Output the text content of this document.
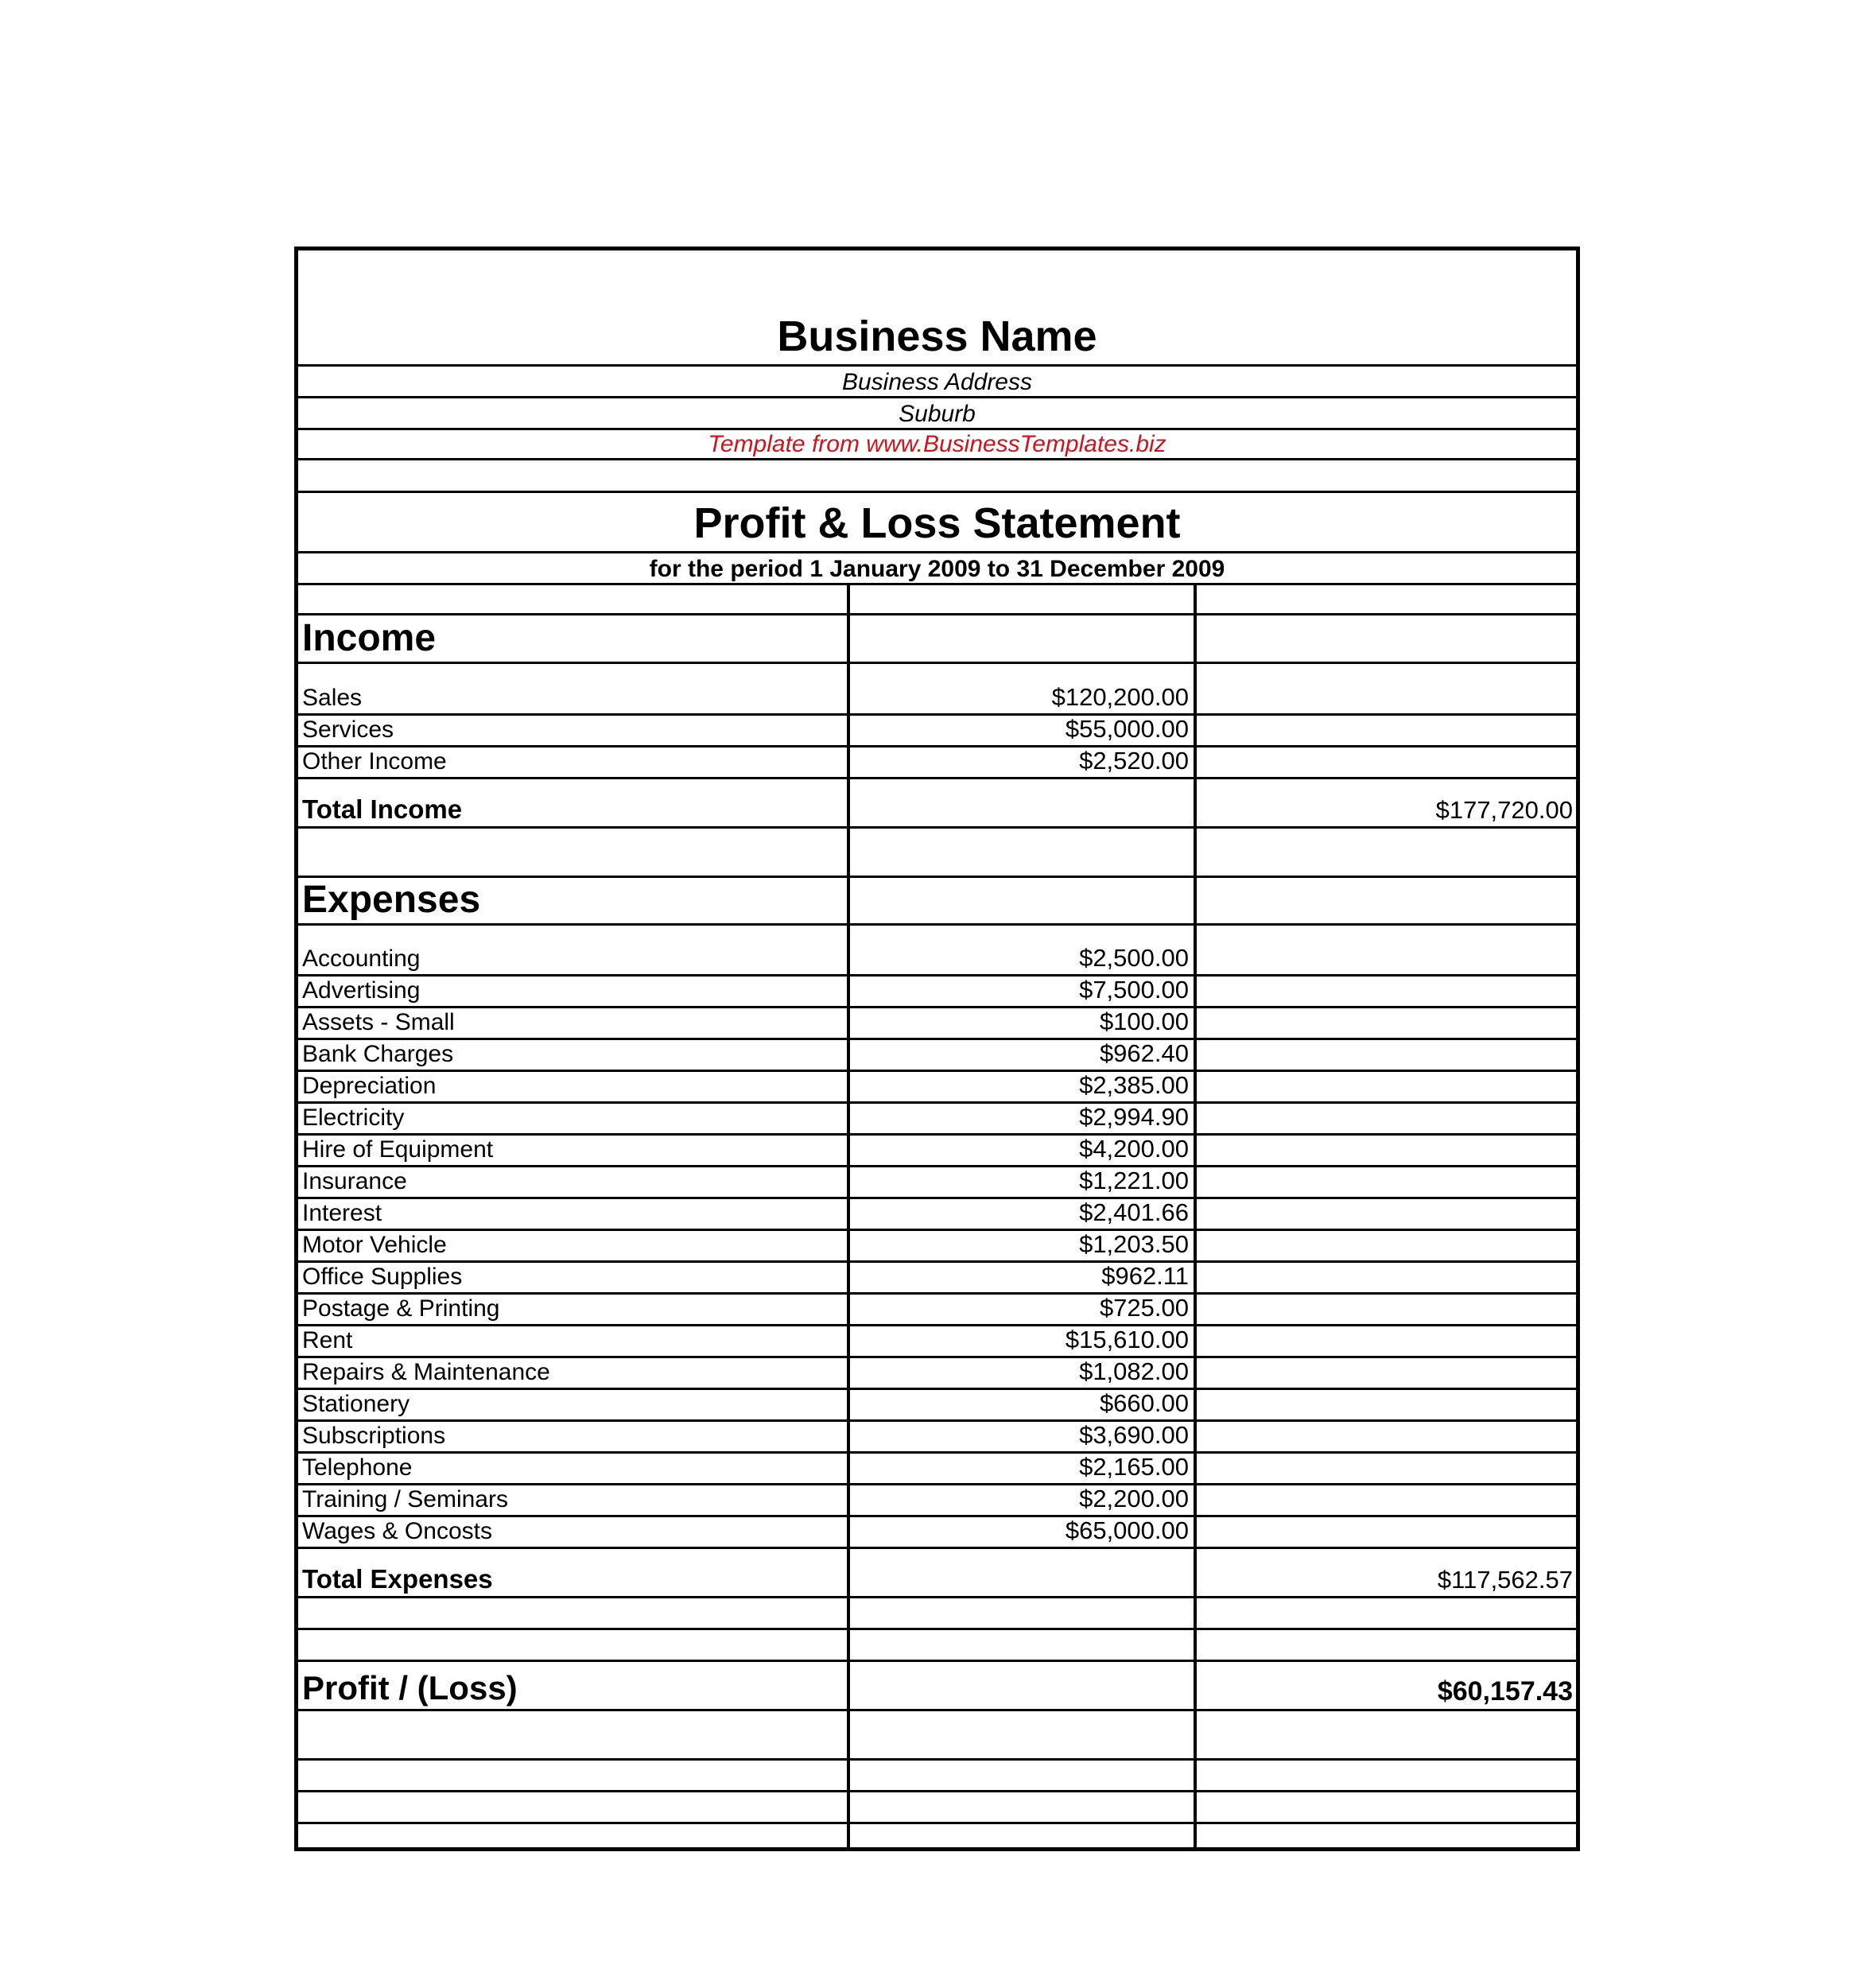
Business Name
Business Address
Suburb
Template from www.BusinessTemplates.biz
Profit & Loss Statement
for the period 1 January 2009 to 31 December 2009
Income
Sales	$120,200.00
Services	$55,000.00
Other Income	$2,520.00
Total Income	$177,720.00
Expenses
Accounting	$2,500.00
Advertising	$7,500.00
Assets - Small	$100.00
Bank Charges	$962.40
Depreciation	$2,385.00
Electricity	$2,994.90
Hire of Equipment	$4,200.00
Insurance	$1,221.00
Interest	$2,401.66
Motor Vehicle	$1,203.50
Office Supplies	$962.11
Postage & Printing	$725.00
Rent	$15,610.00
Repairs & Maintenance	$1,082.00
Stationery	$660.00
Subscriptions	$3,690.00
Telephone	$2,165.00
Training / Seminars	$2,200.00
Wages & Oncosts	$65,000.00
Total Expenses	$117,562.57
Profit / (Loss)	$60,157.43
